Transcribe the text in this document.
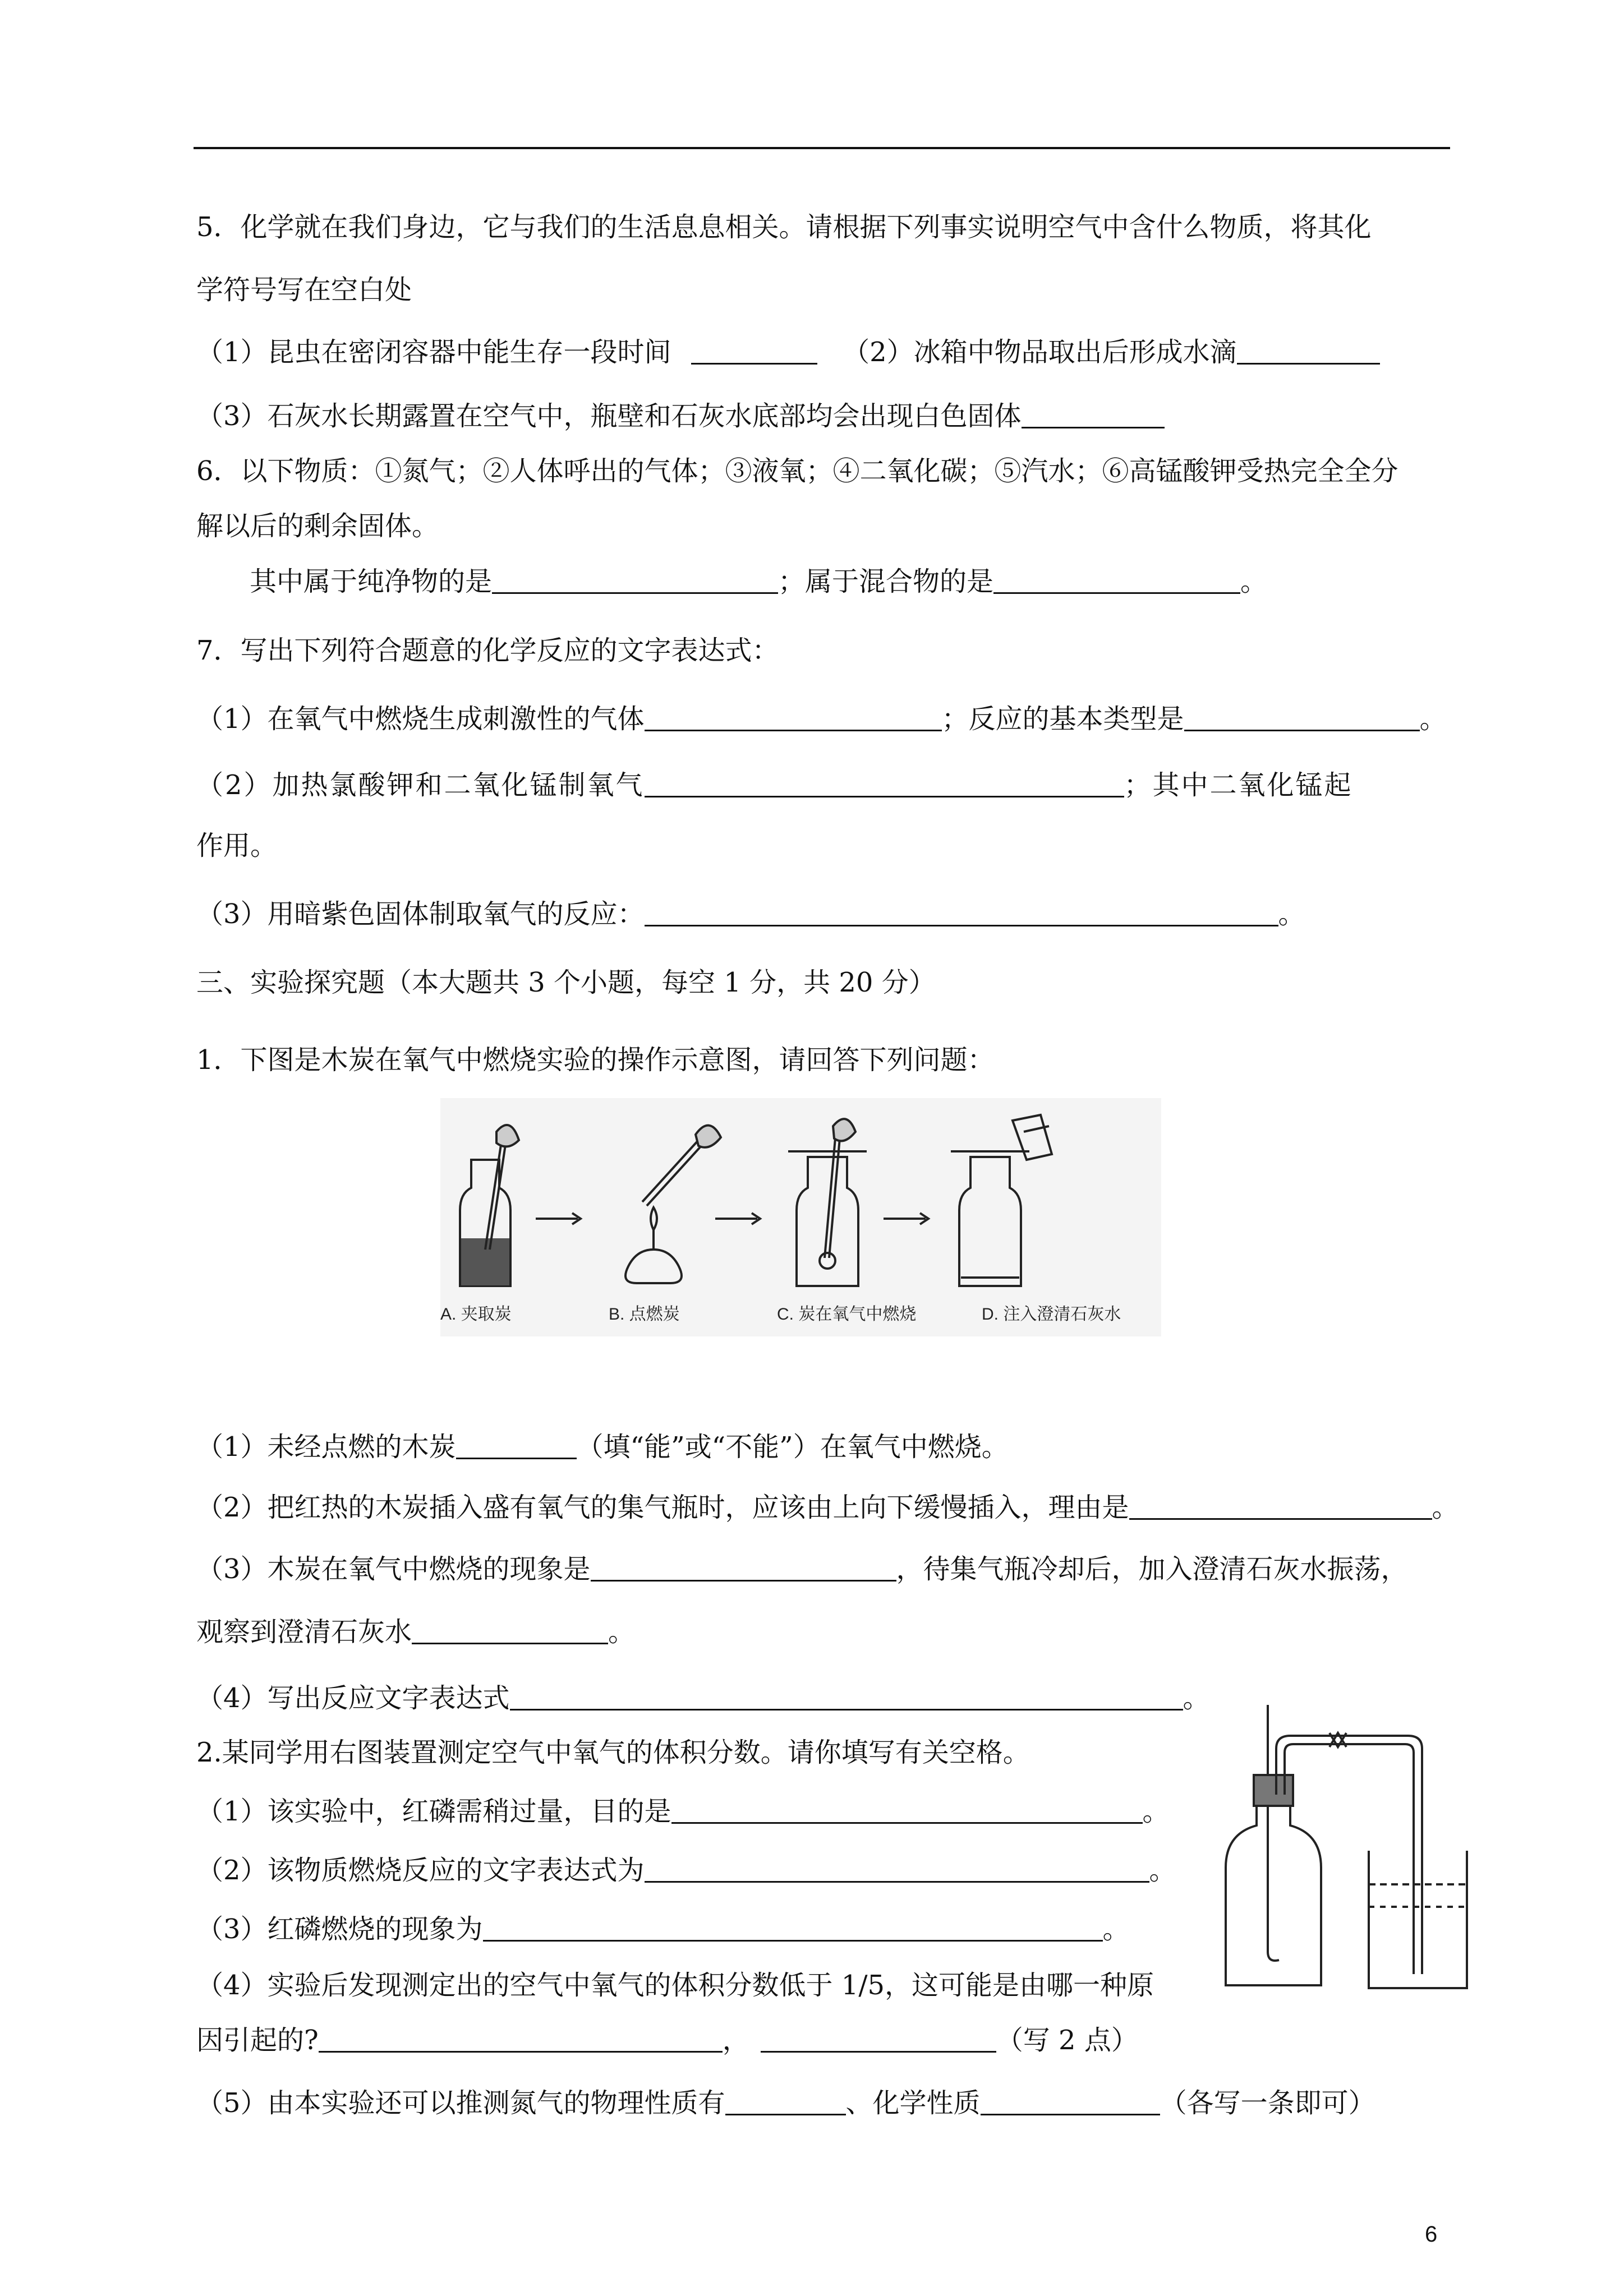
5．化学就在我们身边，它与我们的生活息息相关。请根据下列事实说明空气中含什么物质，将其化
学符号写在空白处
（1）昆虫在密闭容器中能生存一段时间	（2）冰箱中物品取出后形成水滴
（3）石灰水长期露置在空气中，瓶壁和石灰水底部均会出现白色固体
6．以下物质：①氮气；②人体呼出的气体；③液氧；④二氧化碳；⑤汽水；⑥高锰酸钾受热完全全分
解以后的剩余固体。
其中属于纯净物的是	；属于混合物的是	。
7．写出下列符合题意的化学反应的文字表达式：
（1）在氧气中燃烧生成刺激性的气体	；反应的基本类型是	。
（2）加热氯酸钾和二氧化锰制氧气	；其中二氧化锰起
作用。
（3）用暗紫色固体制取氧气的反应：	。
三、实验探究题（本大题共 3 个小题，每空 1 分，共 20 分）
1．下图是木炭在氧气中燃烧实验的操作示意图，请回答下列问题：
A. 夹取炭	B. 点燃炭	C. 炭在氧气中燃烧	D. 注入澄清石灰水
（1）未经点燃的木炭	（填“能”或“不能”）在氧气中燃烧。
（2）把红热的木炭插入盛有氧气的集气瓶时，应该由上向下缓慢插入，理由是	。
（3）木炭在氧气中燃烧的现象是	，待集气瓶冷却后，加入澄清石灰水振荡，
观察到澄清石灰水	。
（4）写出反应文字表达式	。
2.某同学用右图装置测定空气中氧气的体积分数。请你填写有关空格。
（1）该实验中，红磷需稍过量，目的是	。
（2）该物质燃烧反应的文字表达式为	。
（3）红磷燃烧的现象为	。
（4）实验后发现测定出的空气中氧气的体积分数低于 1/5，这可能是由哪一种原
因引起的?	，	（写 2 点）
（5）由本实验还可以推测氮气的物理性质有	、化学性质	（各写一条即可）
6
